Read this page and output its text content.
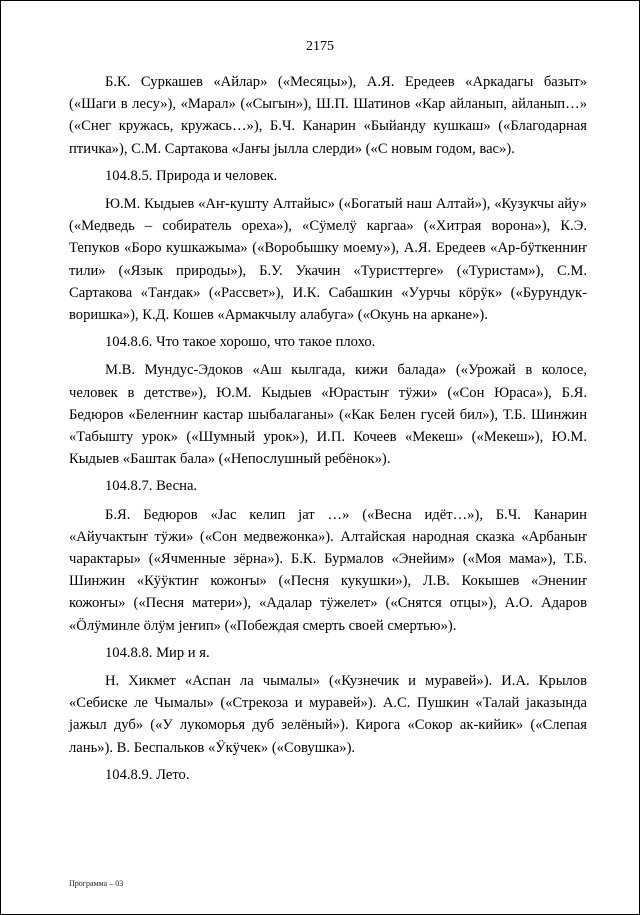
2175

Б.К. Суркашев «Айлар» («Месяцы»), А.Я. Ередеев «Аркадагы базыт» («Шаги в лесу»), «Марал» («Сыгын»), Ш.П. Шатинов «Кар айланып, айланып…» («Снег кружась, кружась…»), Б.Ч. Канарин «Быйанду кушкаш» («Благодарная птичка»), С.М. Сартакова «Јаҥы јылла слерди» («С новым годом, вас»).

104.8.5. Природа и человек.

Ю.М. Кыдыев «Аҥ-кушту Алтайыс» («Богатый наш Алтай»), «Кузукчы айу» («Медведь – собиратель ореха»), «Сӱмелӱ каргаа» («Хитрая ворона»), К.Э. Тепуков «Боро кушкажыма» («Воробышку моему»), А.Я. Ередеев «Ар-бӱткенниҥ тили» («Язык природы»), Б.У. Укачин «Туристтерге» («Туристам»), С.М. Сартакова «Таҥдак» («Рассвет»), И.К. Сабашкин «Уурчы кӧрӱк» («Бурундук-воришка»), К.Д. Кошев «Армакчылу алабуга» («Окунь на аркане»).

104.8.6. Что такое хорошо, что такое плохо.

М.В. Мундус-Эдоков «Аш кылгада, кижи балада» («Урожай в колосе, человек в детстве»), Ю.М. Кыдыев «Юрастыҥ тӱжи» («Сон Юраса»), Б.Я. Бедюров «Белеҥниҥ кастар шыбалаганы» («Как Белен гусей бил»), Т.Б. Шинжин «Табышту урок» («Шумный урок»), И.П. Кочеев «Мекеш» («Мекеш»), Ю.М. Кыдыев «Баштак бала» («Непослушный ребёнок»).

104.8.7. Весна.

Б.Я. Бедюров «Јас келип јат …» («Весна идёт…»), Б.Ч. Канарин «Айучактыҥ тӱжи» («Сон медвежонка»). Алтайская народная сказка «Арбаныҥ чарактары» («Ячменные зёрна»). Б.К. Бурмалов «Энейим» («Моя мама»), Т.Б. Шинжин «Кӱӱктиҥ кожоҥы» («Песня кукушки»), Л.В. Кокышев «Энениҥ кожоҥы» («Песня матери»), «Адалар тӱжелет» («Снятся отцы»), А.О. Адаров «Ӧлӱминле ӧлӱм јеҥип» («Побеждая смерть своей смертью»).

104.8.8. Мир и я.

Н. Хикмет «Аспан ла чымалы» («Кузнечик и муравей»). И.А. Крылов «Себиске ле Чымалы» («Стрекоза и муравей»). А.С. Пушкин «Талай јаказында јажыл дуб» («У лукоморья дуб зелёный»). Кирога «Сокор ак-кийик» («Слепая лань»). В. Беспальков «Ӱкӱчек» («Совушка»).

104.8.9. Лето.

Программа – 03
